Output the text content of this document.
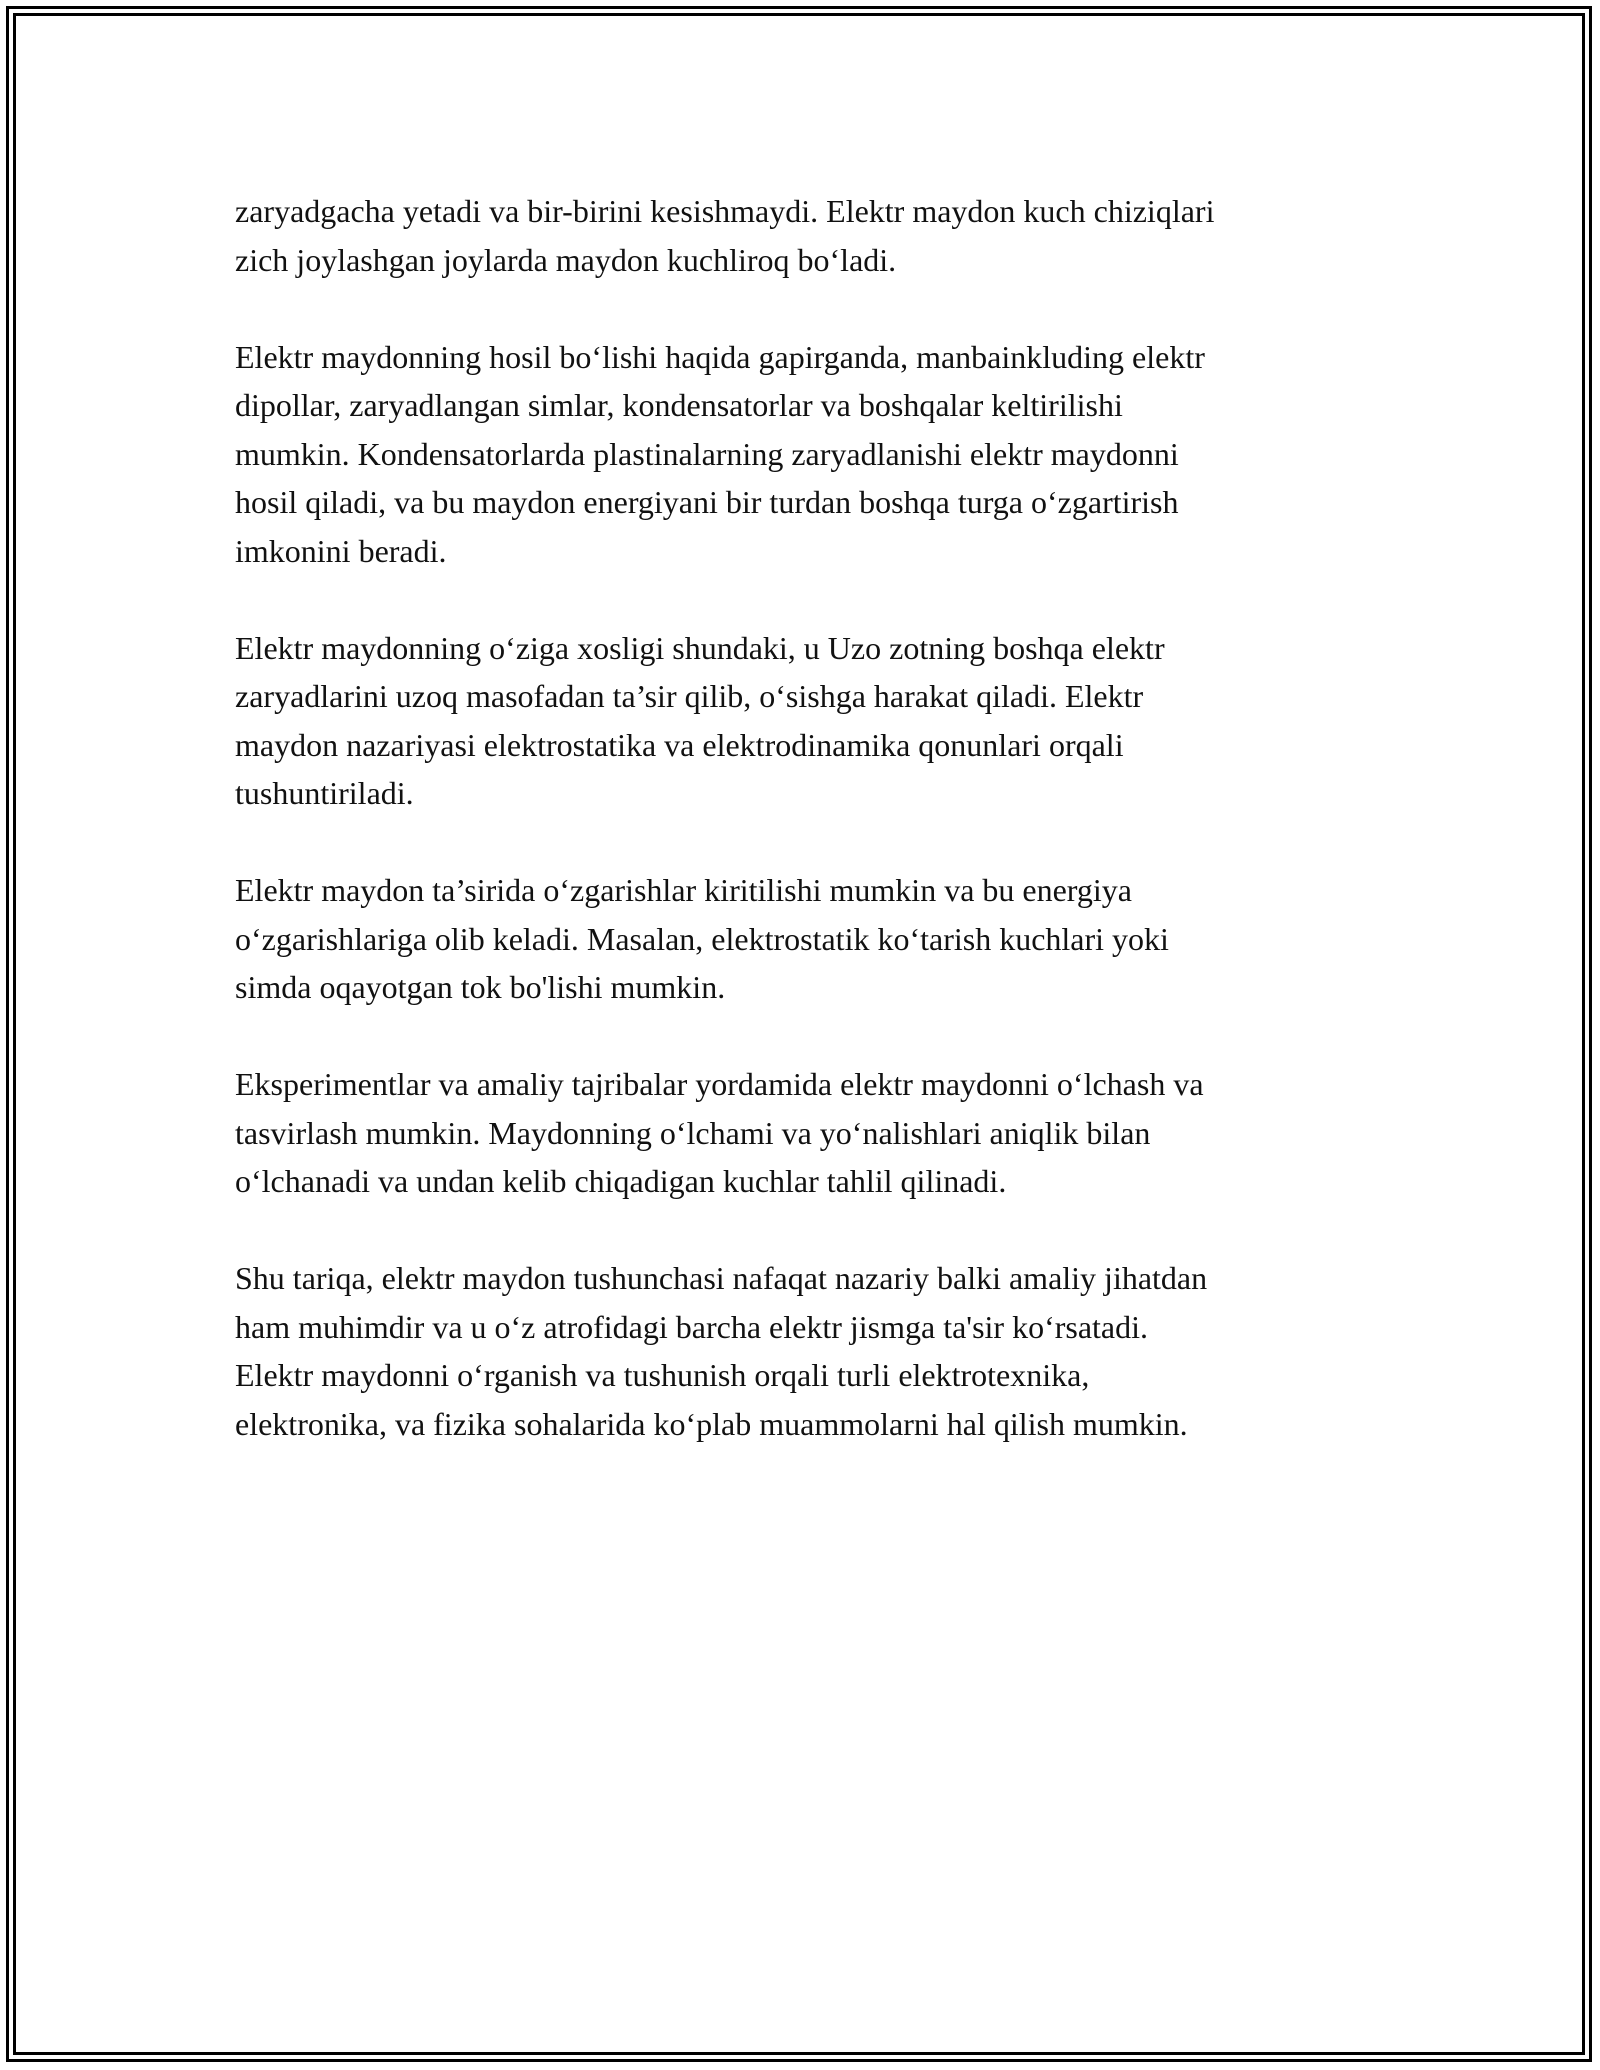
zaryadgacha yetadi va bir-birini kesishmaydi. Elektr maydon kuch chiziqlari
zich joylashgan joylarda maydon kuchliroq bo‘ladi.

Elektr maydonning hosil bo‘lishi haqida gapirganda, manbainkluding elektr
dipollar, zaryadlangan simlar, kondensatorlar va boshqalar keltirilishi
mumkin. Kondensatorlarda plastinalarning zaryadlanishi elektr maydonni
hosil qiladi, va bu maydon energiyani bir turdan boshqa turga o‘zgartirish
imkonini beradi.

Elektr maydonning o‘ziga xosligi shundaki, u Uzo zotning boshqa elektr
zaryadlarini uzoq masofadan ta’sir qilib, o‘sishga harakat qiladi. Elektr
maydon nazariyasi elektrostatika va elektrodinamika qonunlari orqali
tushuntiriladi.

Elektr maydon ta’sirida o‘zgarishlar kiritilishi mumkin va bu energiya
o‘zgarishlariga olib keladi. Masalan, elektrostatik ko‘tarish kuchlari yoki
simda oqayotgan tok bo'lishi mumkin.

Eksperimentlar va amaliy tajribalar yordamida elektr maydonni o‘lchash va
tasvirlash mumkin. Maydonning o‘lchami va yo‘nalishlari aniqlik bilan
o‘lchanadi va undan kelib chiqadigan kuchlar tahlil qilinadi.

Shu tariqa, elektr maydon tushunchasi nafaqat nazariy balki amaliy jihatdan
ham muhimdir va u o‘z atrofidagi barcha elektr jismga ta'sir ko‘rsatadi.
Elektr maydonni o‘rganish va tushunish orqali turli elektrotexnika,
elektronika, va fizika sohalarida ko‘plab muammolarni hal qilish mumkin.
